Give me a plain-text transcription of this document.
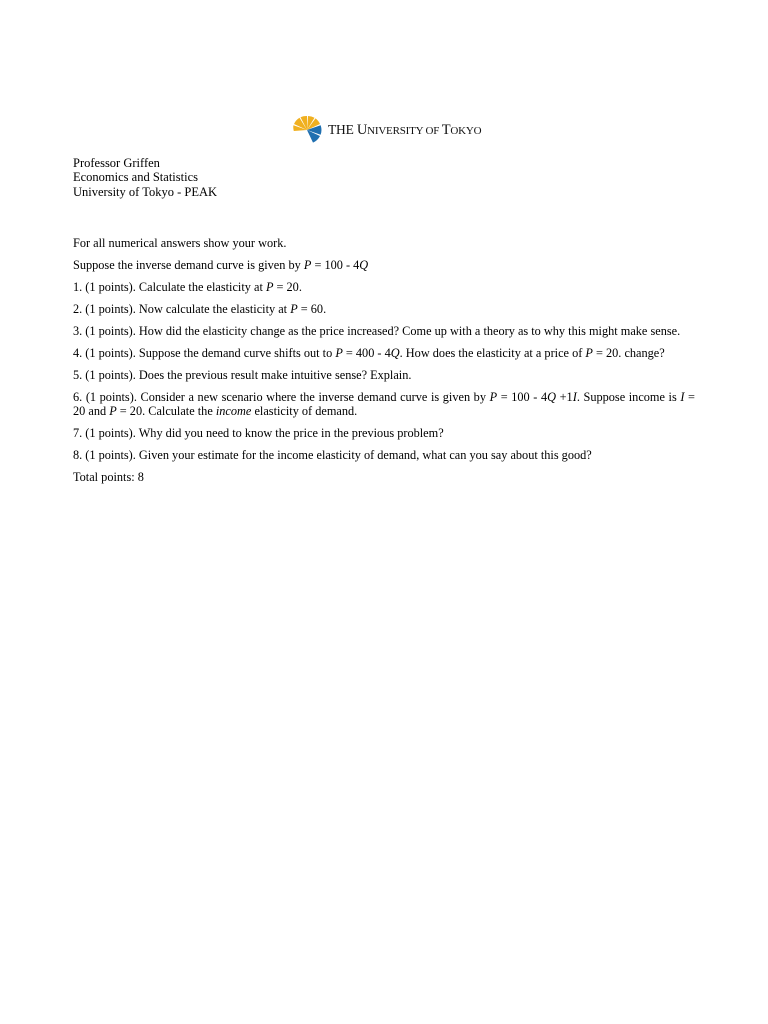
THE UNIVERSITY OF TOKYO
Professor Griffen
Economics and Statistics
University of Tokyo - PEAK

For all numerical answers show your work.

Suppose the inverse demand curve is given by P = 100 - 4Q

1. (1 points). Calculate the elasticity at P = 20.

2. (1 points). Now calculate the elasticity at P = 60.

3. (1 points). How did the elasticity change as the price increased? Come up with a theory as to why this might make sense.

4. (1 points). Suppose the demand curve shifts out to P = 400 - 4Q. How does the elasticity at a price of P = 20. change?

5. (1 points). Does the previous result make intuitive sense? Explain.

6. (1 points). Consider a new scenario where the inverse demand curve is given by P = 100 - 4Q +1I. Suppose income is I = 20 and P = 20. Calculate the income elasticity of demand.

7. (1 points). Why did you need to know the price in the previous problem?

8. (1 points). Given your estimate for the income elasticity of demand, what can you say about this good?

Total points: 8
